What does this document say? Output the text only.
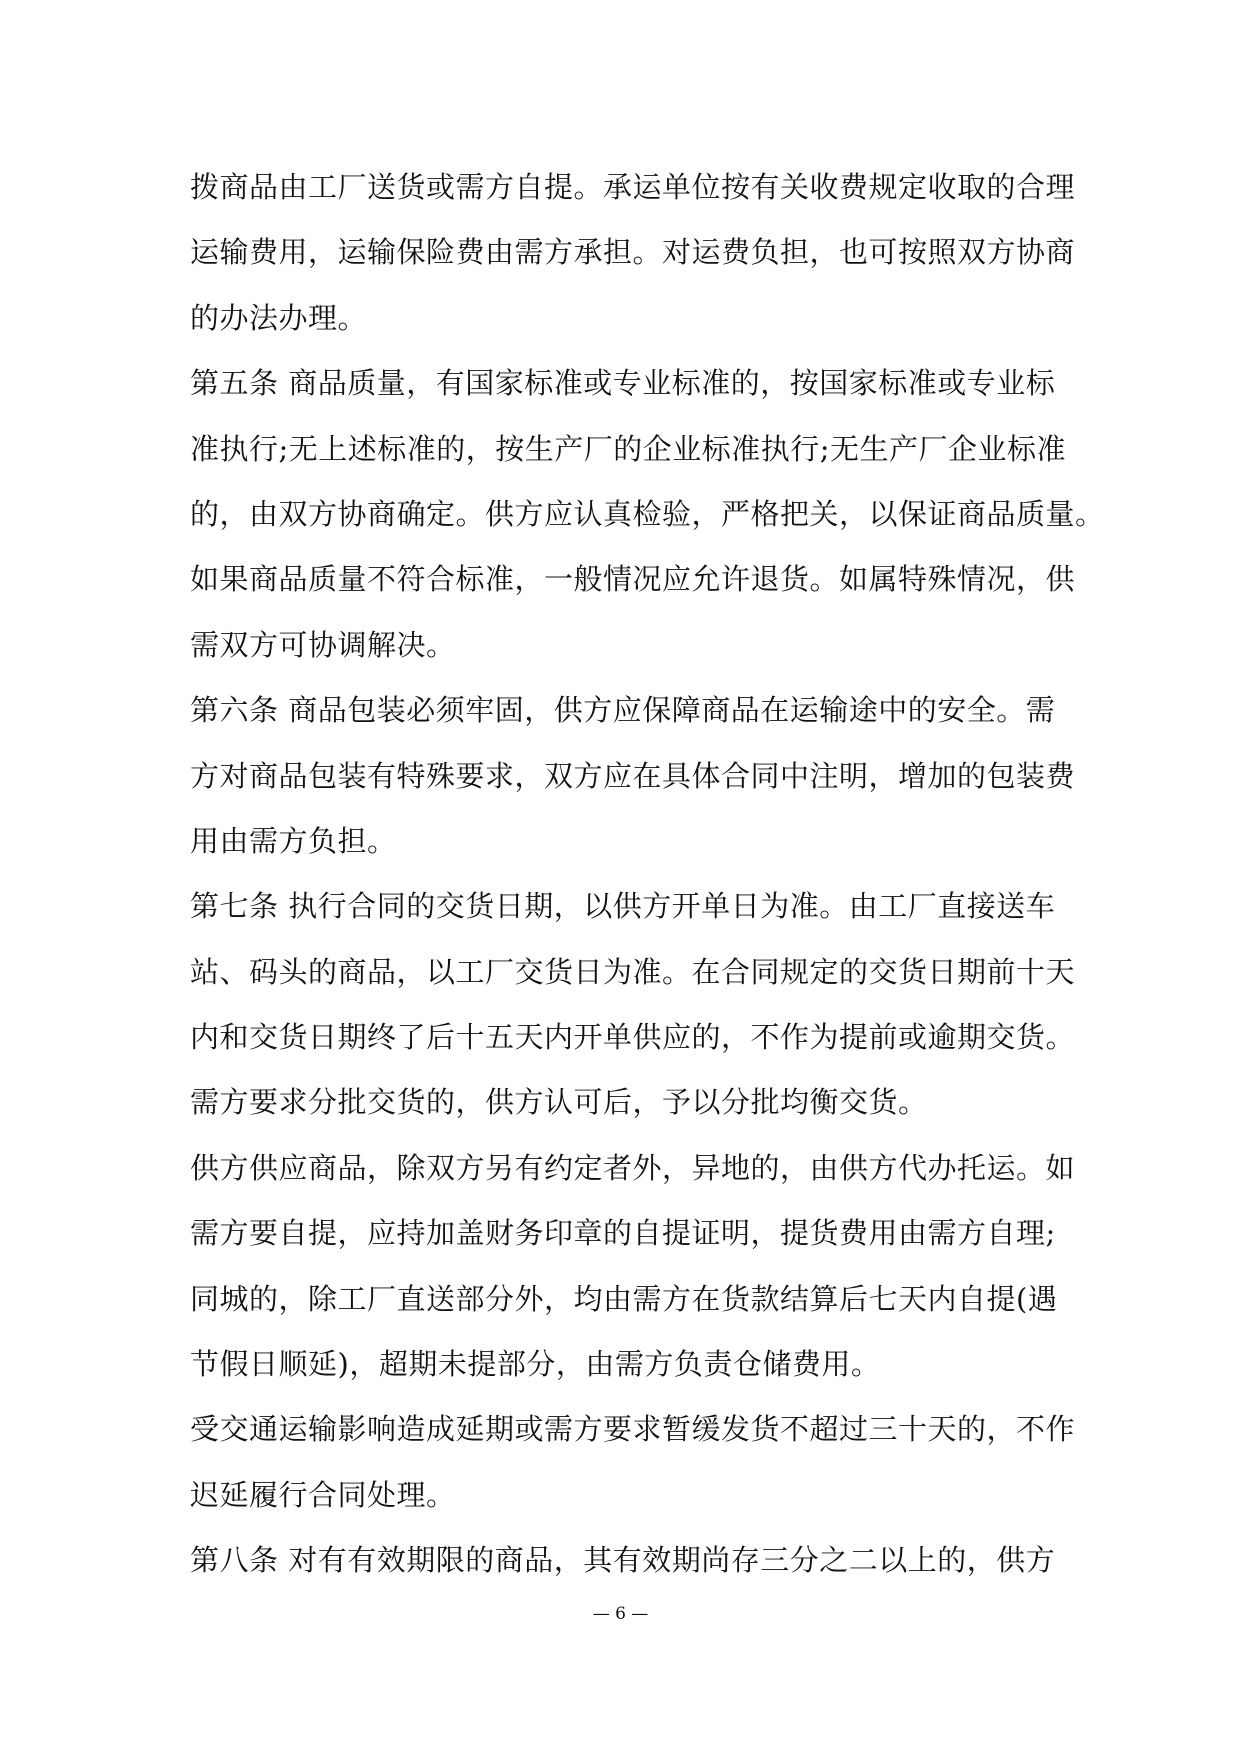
拨商品由工厂送货或需方自提。承运单位按有关收费规定收取的合理
运输费用，运输保险费由需方承担。对运费负担，也可按照双方协商
的办法办理。
第五条 商品质量，有国家标准或专业标准的，按国家标准或专业标
准执行;无上述标准的，按生产厂的企业标准执行;无生产厂企业标准
的，由双方协商确定。供方应认真检验，严格把关，以保证商品质量。
如果商品质量不符合标准，一般情况应允许退货。如属特殊情况，供
需双方可协调解决。
第六条 商品包装必须牢固，供方应保障商品在运输途中的安全。需
方对商品包装有特殊要求，双方应在具体合同中注明，增加的包装费
用由需方负担。
第七条 执行合同的交货日期，以供方开单日为准。由工厂直接送车
站、码头的商品，以工厂交货日为准。在合同规定的交货日期前十天
内和交货日期终了后十五天内开单供应的，不作为提前或逾期交货。
需方要求分批交货的，供方认可后，予以分批均衡交货。
供方供应商品，除双方另有约定者外，异地的，由供方代办托运。如
需方要自提，应持加盖财务印章的自提证明，提货费用由需方自理;
同城的，除工厂直送部分外，均由需方在货款结算后七天内自提(遇
节假日顺延)，超期未提部分，由需方负责仓储费用。
受交通运输影响造成延期或需方要求暂缓发货不超过三十天的，不作
迟延履行合同处理。
第八条 对有有效期限的商品，其有效期尚存三分之二以上的，供方
— 6 —
